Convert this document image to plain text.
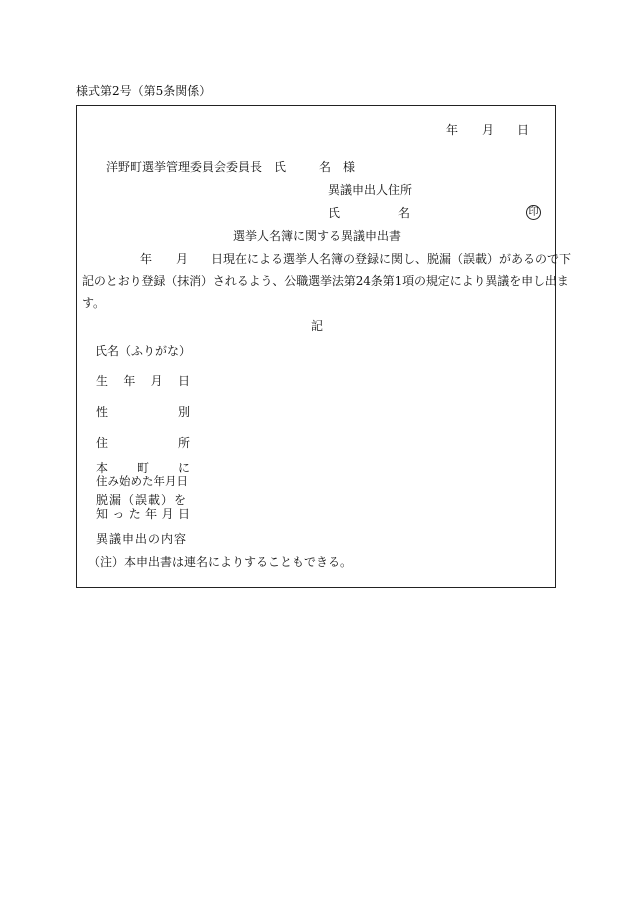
様式第2号（第5条関係）
年 月 日
洋野町選挙管理委員会委員長 氏	名 様
異議申出人住所
氏	名	印
選挙人名簿に関する異議申出書
年 月 日現在による選挙人名簿の登録に関し、脱漏（誤載）があるので下
記のとおり登録（抹消）されるよう、公職選挙法第24条第1項の規定により異議を申し出ま
す。
記
氏名（ふりがな）
生 年 月 日
性	別
住	所
本 町 に
住み始めた年月日
脱漏（誤載）を
知 っ た 年 月 日
異議申出の内容
（注）本申出書は連名によりすることもできる。
